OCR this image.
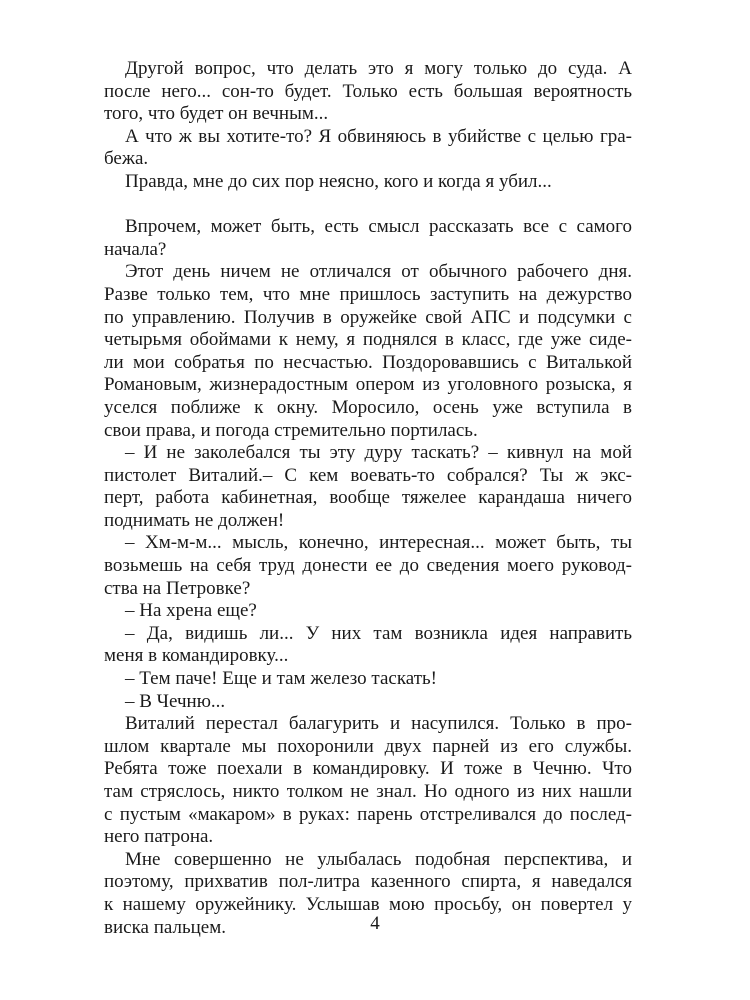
Другой вопрос, что делать это я могу только до суда. А
после него... сон-то будет. Только есть большая вероятность
того, что будет он вечным...
А что ж вы хотите-то? Я обвиняюсь в убийстве с целью гра-
бежа.
Правда, мне до сих пор неясно, кого и когда я убил...
Впрочем, может быть, есть смысл рассказать все с самого
начала?
Этот день ничем не отличался от обычного рабочего дня.
Разве только тем, что мне пришлось заступить на дежурство
по управлению. Получив в оружейке свой АПС и подсумки с
четырьмя обоймами к нему, я поднялся в класс, где уже сиде-
ли мои собратья по несчастью. Поздоровавшись с Виталькой
Романовым, жизнерадостным опером из уголовного розыска, я
уселся поближе к окну. Моросило, осень уже вступила в
свои права, и погода стремительно портилась.
– И не заколебался ты эту дуру таскать? – кивнул на мой
пистолет Виталий.– С кем воевать-то собрался? Ты ж экс-
перт, работа кабинетная, вообще тяжелее карандаша ничего
поднимать не должен!
– Хм-м-м... мысль, конечно, интересная... может быть, ты
возьмешь на себя труд донести ее до сведения моего руковод-
ства на Петровке?
– На хрена еще?
– Да, видишь ли... У них там возникла идея направить
меня в командировку...
– Тем паче! Еще и там железо таскать!
– В Чечню...
Виталий перестал балагурить и насупился. Только в про-
шлом квартале мы похоронили двух парней из его службы.
Ребята тоже поехали в командировку. И тоже в Чечню. Что
там стряслось, никто толком не знал. Но одного из них нашли
с пустым «макаром» в руках: парень отстреливался до послед-
него патрона.
Мне совершенно не улыбалась подобная перспектива, и
поэтому, прихватив пол-литра казенного спирта, я наведался
к нашему оружейнику. Услышав мою просьбу, он повертел у
виска пальцем.	4
